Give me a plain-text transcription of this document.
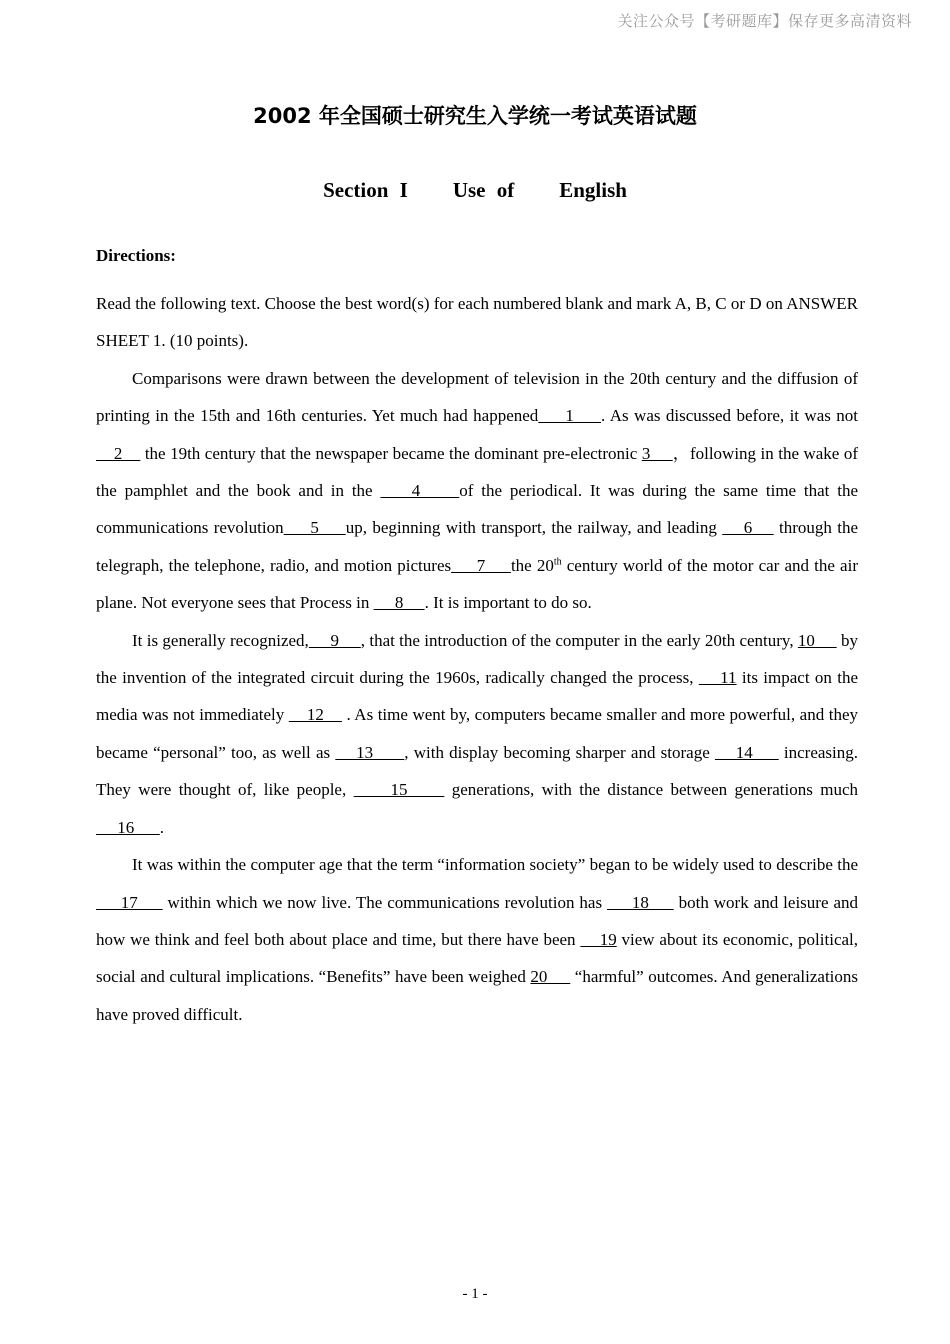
关注公众号【考研题库】保存更多高清资料
2002 年全国硕士研究生入学统一考试英语试题
Section I    Use of    English
Directions:

Read the following text. Choose the best word(s) for each numbered blank and mark A, B, C or D on ANSWER SHEET 1. (10 points).

Comparisons were drawn between the development of television in the 20th century and the diffusion of printing in the 15th and 16th centuries. Yet much had happened     1     . As was discussed before, it was not     2     the 19th century that the newspaper became the dominant pre-electronic 3     ，following in the wake of the pamphlet and the book and in the     4     of the periodical. It was during the same time that the communications revolution     5     up, beginning with transport, the railway, and leading     6     through the telegraph, the telephone, radio, and motion pictures     7     the 20th century world of the motor car and the air plane. Not everyone sees that Process in      8     . It is important to do so.

It is generally recognized,     9     , that the introduction of the computer in the early 20th century, 10      by the invention of the integrated circuit during the 1960s, radically changed the process,     11 its impact on the media was not immediately     12     . As time went by, computers became smaller and more powerful, and they became “personal” too, as well as     13      , with display becoming sharper and storage     14      increasing. They were thought of, like people,      15      generations, with the distance between generations much      16      .

It was within the computer age that the term “information society” began to be widely used to describe the      17      within which we now live. The communications revolution has      18      both work and leisure and how we think and feel both about place and time, but there have been     19 view about its economic, political, social and cultural implications. “Benefits” have been weighed 20      “harmful” outcomes. And generalizations have proved difficult.

- 1 -
